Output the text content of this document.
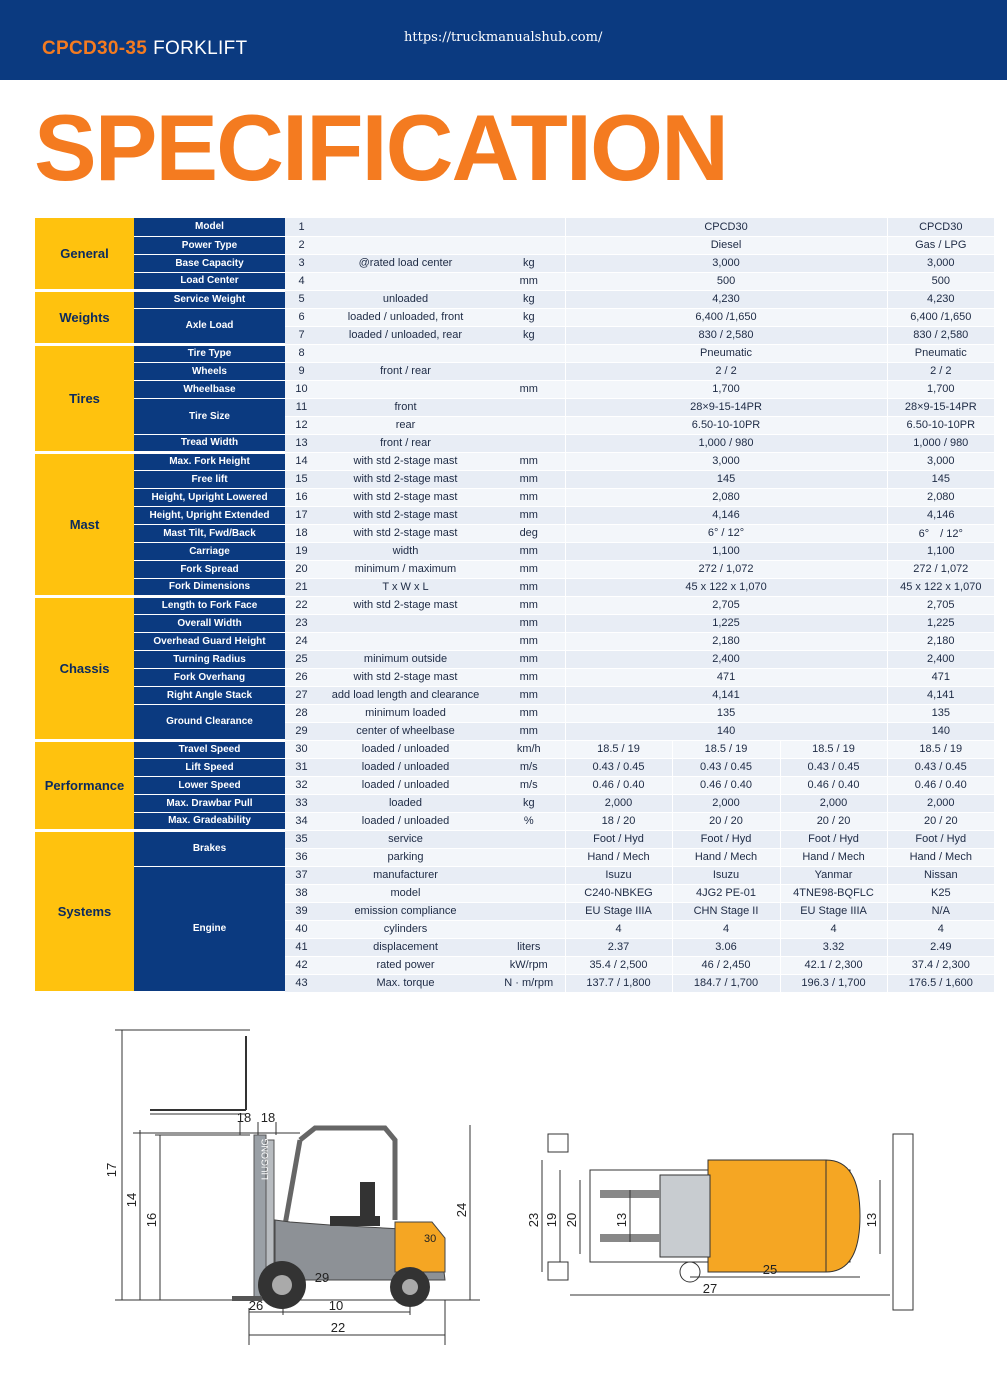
CPCD30-35 FORKLIFT
https://truckmanualshub.com/
SPECIFICATION
General	Model	1			CPCD30			CPCD30
	Power Type	2			Diesel			Gas / LPG
	Base Capacity	3	@rated load center	kg	3,000			3,000
	Load Center	4		mm	500			500
Weights	Service Weight	5	unloaded	kg	4,230			4,230
	Axle Load	6	loaded / unloaded, front	kg	6,400 /1,650			6,400 /1,650
		7	loaded / unloaded, rear	kg	830 / 2,580			830 / 2,580
Tires	Tire Type	8			Pneumatic			Pneumatic
	Wheels	9	front / rear		2 / 2			2 / 2
	Wheelbase	10		mm	1,700			1,700
	Tire Size	11	front		28×9-15-14PR			28×9-15-14PR
		12	rear		6.50-10-10PR			6.50-10-10PR
	Tread Width	13	front / rear		1,000 / 980			1,000 / 980
Mast	Max. Fork Height	14	with std 2-stage mast	mm	3,000			3,000
	Free lift	15	with std 2-stage mast	mm	145			145
	Height, Upright Lowered	16	with std 2-stage mast	mm	2,080			2,080
	Height, Upright Extended	17	with std 2-stage mast	mm	4,146			4,146
	Mast Tilt, Fwd/Back	18	with std 2-stage mast	deg	6° / 12°			6°　/ 12°
	Carriage	19	width	mm	1,100			1,100
	Fork Spread	20	minimum / maximum	mm	272 / 1,072			272 / 1,072
	Fork Dimensions	21	T x W x L	mm	45 x 122 x 1,070			45 x 122 x 1,070
Chassis	Length to Fork Face	22	with std 2-stage mast	mm	2,705			2,705
	Overall Width	23		mm	1,225			1,225
	Overhead Guard Height	24		mm	2,180			2,180
	Turning Radius	25	minimum outside	mm	2,400			2,400
	Fork Overhang	26	with std 2-stage mast	mm	471			471
	Right Angle Stack	27	add load length and clearance	mm	4,141			4,141
	Ground Clearance	28	minimum loaded	mm	135			135
		29	center of wheelbase	mm	140			140
Performance	Travel Speed	30	loaded / unloaded	km/h	18.5 / 19	18.5 / 19	18.5 / 19	18.5 / 19
	Lift Speed	31	loaded / unloaded	m/s	0.43 / 0.45	0.43 / 0.45	0.43 / 0.45	0.43 / 0.45
	Lower Speed	32	loaded / unloaded	m/s	0.46 / 0.40	0.46 / 0.40	0.46 / 0.40	0.46 / 0.40
	Max. Drawbar Pull	33	loaded	kg	2,000	2,000	2,000	2,000
	Max. Gradeability	34	loaded / unloaded	%	18 / 20	20 / 20	20 / 20	20 / 20
Systems	Brakes	35	service		Foot / Hyd	Foot / Hyd	Foot / Hyd	Foot / Hyd
		36	parking		Hand / Mech	Hand / Mech	Hand / Mech	Hand / Mech
	Engine	37	manufacturer		Isuzu	Isuzu	Yanmar	Nissan
		38	model		C240-NBKEG	4JG2 PE-01	4TNE98-BQFLC	K25
		39	emission compliance		EU Stage IIIA	CHN Stage II	EU Stage IIIA	N/A
		40	cylinders		4	4	4	4
		41	displacement	liters	2.37	3.06	3.32	2.49
		42	rated power	kW/rpm	35.4 / 2,500	46 / 2,450	42.1 / 2,300	37.4 / 2,300
		43	Max. torque	N · m/rpm	137.7 / 1,800	184.7 / 1,700	196.3 / 1,700	176.5 / 1,600
17
14
16
24
18 18
26	10
29
22
23 19 20	13	13
25
27
LIUGONG
30
